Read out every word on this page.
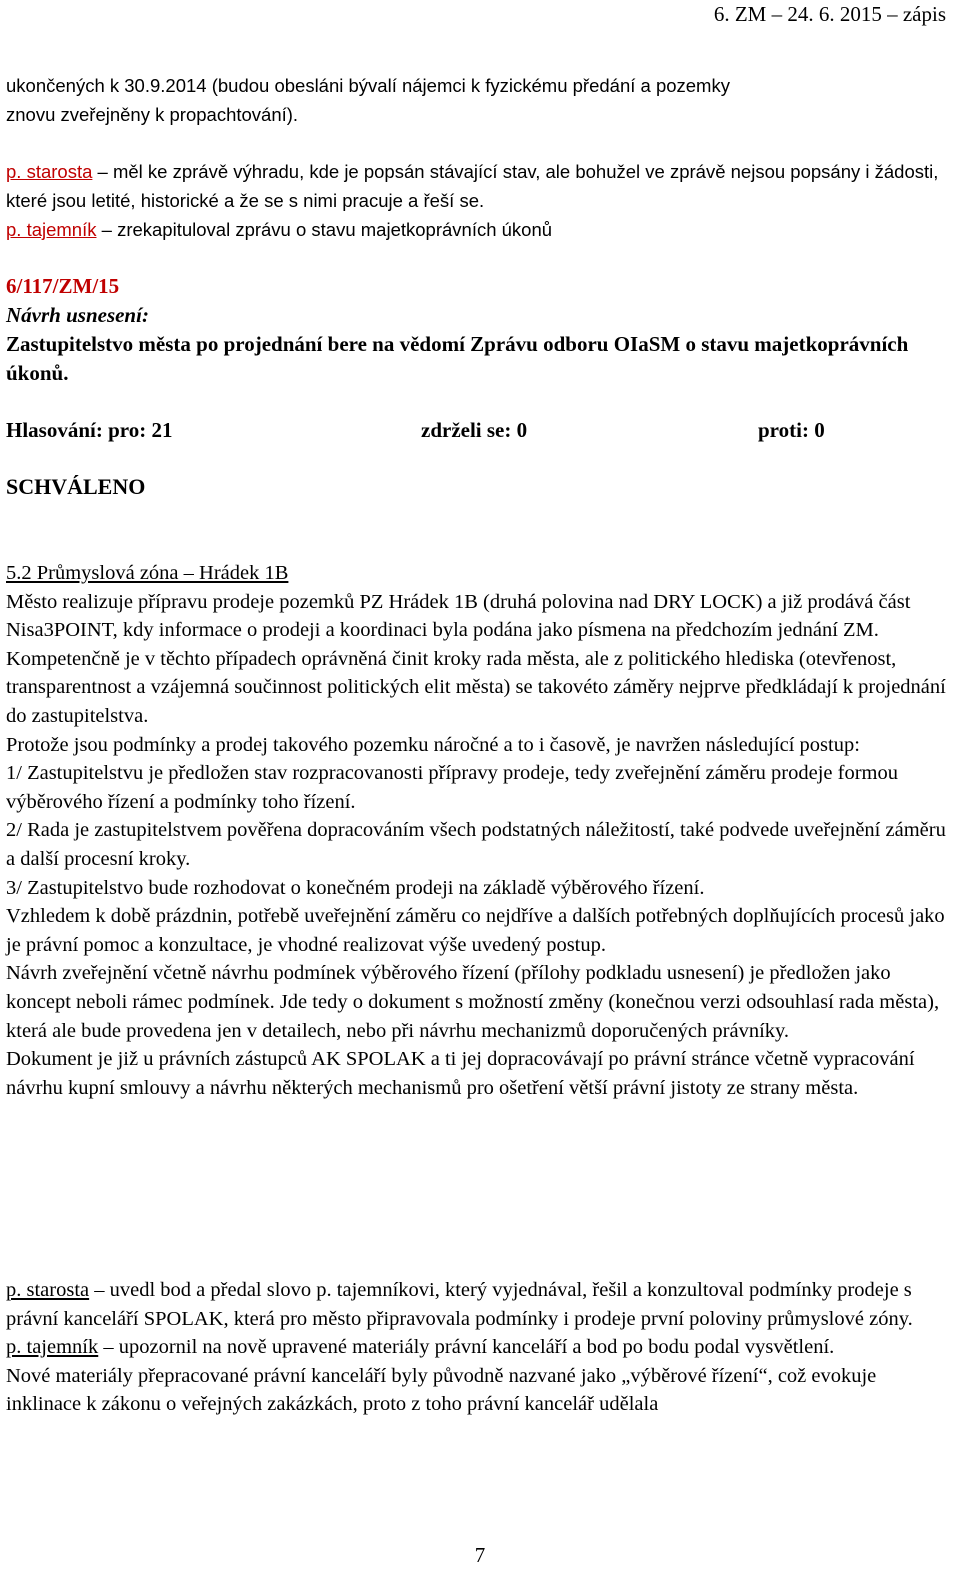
6. ZM – 24. 6. 2015 – zápis
ukončených k 30.9.2014 (budou obesláni bývalí nájemci k fyzickému předání a pozemky
znovu zveřejněny k propachtování).

p. starosta – měl ke zprávě výhradu, kde je popsán stávající stav, ale bohužel ve zprávě nejsou popsány i žádosti, které jsou letité, historické a že se s nimi pracuje a řeší se.

p. tajemník – zrekapituloval zprávu o stavu majetkoprávních úkonů

6/117/ZM/15
Návrh usnesení:
Zastupitelstvo města po projednání bere na vědomí Zprávu odboru OIaSM o stavu majetkoprávních úkonů.
Hlasování: pro: 21	zdrželi se: 0	proti: 0
SCHVÁLENO

5.2 Průmyslová zóna – Hrádek 1B

Město realizuje přípravu prodeje pozemků PZ Hrádek 1B (druhá polovina nad DRY LOCK) a již prodává část Nisa3POINT, kdy informace o prodeji a koordinaci byla podána jako písmena na předchozím jednání ZM.

Kompetenčně je v těchto případech oprávněná činit kroky rada města, ale z politického hlediska (otevřenost, transparentnost a vzájemná součinnost politických elit města) se takovéto záměry nejprve předkládají k projednání do zastupitelstva.

Protože jsou podmínky a prodej takového pozemku náročné a to i časově, je navržen následující postup:

1/ Zastupitelstvu je předložen stav rozpracovanosti přípravy prodeje, tedy zveřejnění záměru prodeje formou výběrového řízení a podmínky toho řízení.

2/ Rada je zastupitelstvem pověřena dopracováním všech podstatných náležitostí, také podvede uveřejnění záměru a další procesní kroky.

3/ Zastupitelstvo bude rozhodovat o konečném prodeji na základě výběrového řízení.

Vzhledem k době prázdnin, potřebě uveřejnění záměru co nejdříve a dalších potřebných doplňujících procesů jako je právní pomoc a konzultace, je vhodné realizovat výše uvedený postup.

Návrh zveřejnění včetně návrhu podmínek výběrového řízení (přílohy podkladu usnesení) je předložen jako koncept neboli rámec podmínek. Jde tedy o dokument s možností změny (konečnou verzi odsouhlasí rada města), která ale bude provedena jen v detailech, nebo při návrhu mechanizmů doporučených právníky.

Dokument je již u právních zástupců AK SPOLAK a ti jej dopracovávají po právní stránce včetně vypracování návrhu kupní smlouvy a návrhu některých mechanismů pro ošetření větší právní jistoty ze strany města.

p. starosta – uvedl bod a předal slovo p. tajemníkovi, který vyjednával, řešil a konzultoval podmínky prodeje s právní kanceláří SPOLAK, která pro město připravovala podmínky i prodeje první poloviny průmyslové zóny.

p. tajemník – upozornil na nově upravené materiály právní kanceláří a bod po bodu podal vysvětlení.

Nové materiály přepracované právní kanceláří byly původně nazvané jako „výběrové řízení“, což evokuje inklinace k zákonu o veřejných zakázkách, proto z toho právní kancelář udělala

7
